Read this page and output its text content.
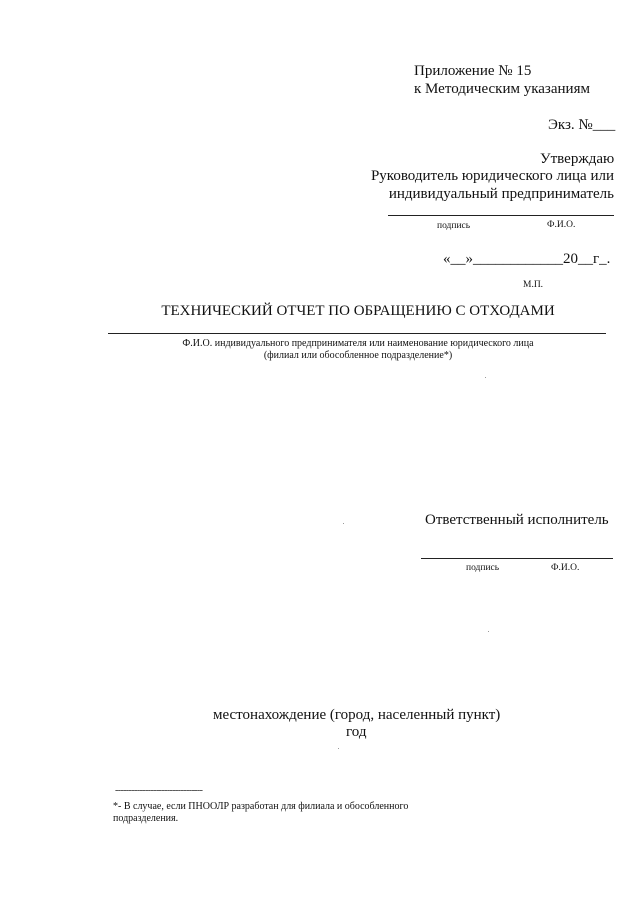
Приложение № 15
к Методическим указаниям
Экз. №___
Утверждаю
Руководитель юридического лица или
индивидуальный предприниматель
подпись	Ф.И.О.
«__»____________20__г_.
М.П.
ТЕХНИЧЕСКИЙ ОТЧЕТ ПО ОБРАЩЕНИЮ С ОТХОДАМИ
Ф.И.О. индивидуального предпринимателя или наименование юридического лица
(филиал или обособленное подразделение*)
Ответственный исполнитель
подпись	Ф.И.О.
местонахождение (город, населенный пункт)
год
--------------------------------
*- В случае, если ПНООЛР разработан для филиала и обособленного
подразделения.
